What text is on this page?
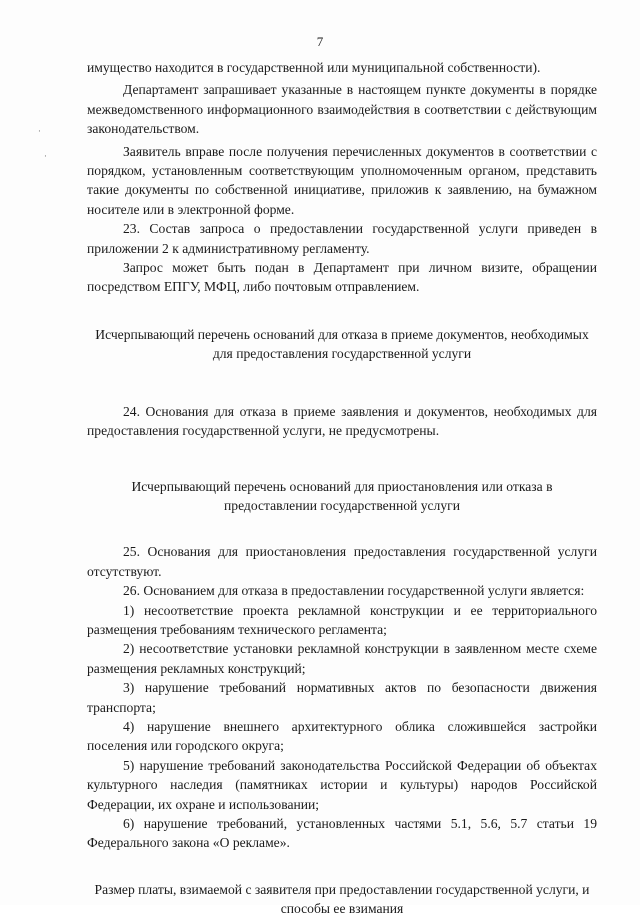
7
·
·

имущество находится в государственной или муниципальной собственности).

Департамент запрашивает указанные в настоящем пункте документы в порядке межведомственного информационного взаимодействия в соответствии с действующим законодательством.

Заявитель вправе после получения перечисленных документов в соответствии с порядком, установленным соответствующим уполномоченным органом, представить такие документы по собственной инициативе, приложив к заявлению, на бумажном носителе или в электронной форме.

23. Состав запроса о предоставлении государственной услуги приведен в приложении 2 к административному регламенту.

Запрос может быть подан в Департамент при личном визите, обращении посредством ЕПГУ, МФЦ, либо почтовым отправлением.

Исчерпывающий перечень оснований для отказа в приеме документов, необходимых для предоставления государственной услуги

24. Основания для отказа в приеме заявления и документов, необходимых для предоставления государственной услуги, не предусмотрены.

Исчерпывающий перечень оснований для приостановления или отказа в предоставлении государственной услуги

25. Основания для приостановления предоставления государственной услуги отсутствуют.

26. Основанием для отказа в предоставлении государственной услуги является:

1) несоответствие проекта рекламной конструкции и ее территориального размещения требованиям технического регламента;

2) несоответствие установки рекламной конструкции в заявленном месте схеме размещения рекламных конструкций;

3) нарушение требований нормативных актов по безопасности движения транспорта;

4) нарушение внешнего архитектурного облика сложившейся застройки поселения или городского округа;

5) нарушение требований законодательства Российской Федерации об объектах культурного наследия (памятниках истории и культуры) народов Российской Федерации, их охране и использовании;

6) нарушение требований, установленных частями 5.1, 5.6, 5.7 статьи 19 Федерального закона «О рекламе».

Размер платы, взимаемой с заявителя при предоставлении государственной услуги, и способы ее взимания
